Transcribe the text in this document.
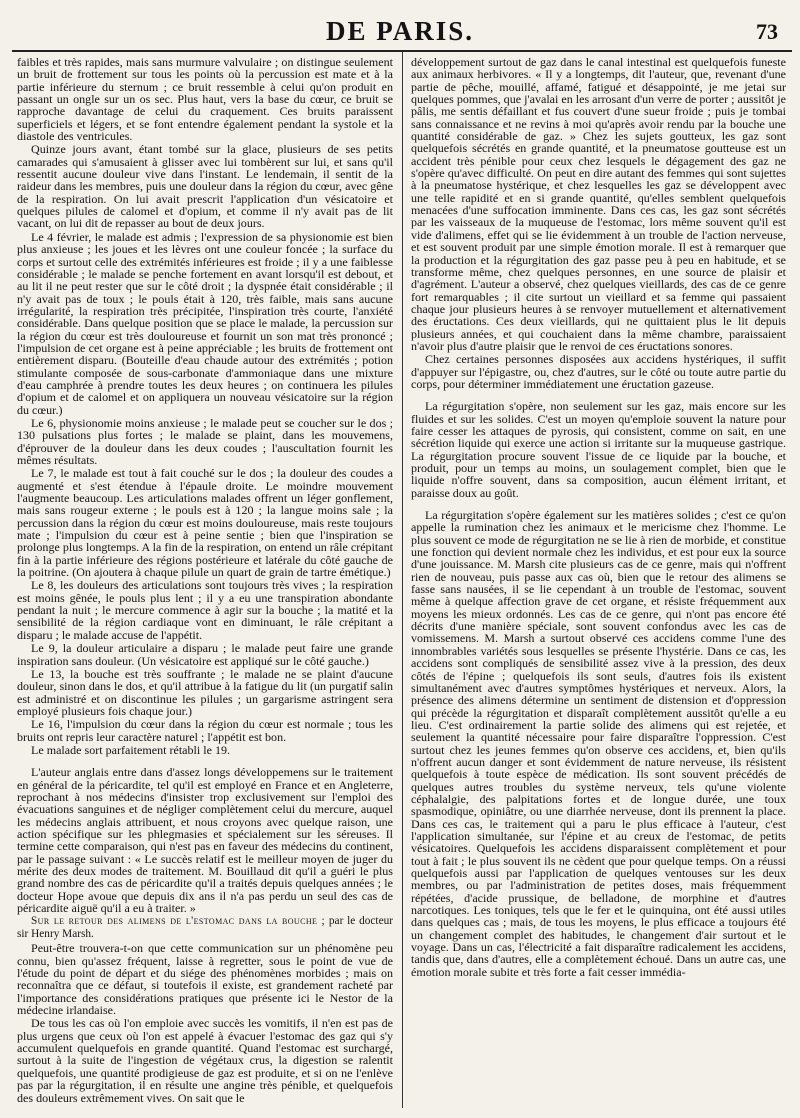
DE PARIS.	73

faibles et très rapides, mais sans murmure valvulaire ; on distingue seulement un bruit de frottement sur tous les points où la percussion est mate et à la partie inférieure du sternum ; ce bruit ressemble à celui qu'on produit en passant un ongle sur un os sec. Plus haut, vers la base du cœur, ce bruit se rapproche davantage de celui du craquement. Ces bruits paraissent superficiels et légers, et se font entendre également pendant la systole et la diastole des ventricules.

Quinze jours avant, étant tombé sur la glace, plusieurs de ses petits camarades qui s'amusaient à glisser avec lui tombèrent sur lui, et sans qu'il ressentit aucune douleur vive dans l'instant. Le lendemain, il sentit de la raideur dans les membres, puis une douleur dans la région du cœur, avec gêne de la respiration. On lui avait prescrit l'application d'un vésicatoire et quelques pilules de calomel et d'opium, et comme il n'y avait pas de lit vacant, on lui dit de repasser au bout de deux jours.

Le 4 février, le malade est admis ; l'expression de sa physionomie est bien plus anxieuse ; les joues et les lèvres ont une couleur foncée ; la surface du corps et surtout celle des extrémités inférieures est froide ; il y a une faiblesse considérable ; le malade se penche fortement en avant lorsqu'il est debout, et au lit il ne peut rester que sur le côté droit ; la dyspnée était considérable ; il n'y avait pas de toux ; le pouls était à 120, très faible, mais sans aucune irrégularité, la respiration très précipitée, l'inspiration très courte, l'anxiété considérable. Dans quelque position que se place le malade, la percussion sur la région du cœur est très douloureuse et fournit un son mat très prononcé ; l'impulsion de cet organe est à peine appréciable ; les bruits de frottement ont entièrement disparu. (Bouteille d'eau chaude autour des extrémités ; potion stimulante composée de sous-carbonate d'ammoniaque dans une mixture d'eau camphrée à prendre toutes les deux heures ; on continuera les pilules d'opium et de calomel et on appliquera un nouveau vésicatoire sur la région du cœur.)

Le 6, physionomie moins anxieuse ; le malade peut se coucher sur le dos ; 130 pulsations plus fortes ; le malade se plaint, dans les mouvemens, d'éprouver de la douleur dans les deux coudes ; l'auscultation fournit les mêmes résultats.

Le 7, le malade est tout à fait couché sur le dos ; la douleur des coudes a augmenté et s'est étendue à l'épaule droite. Le moindre mouvement l'augmente beaucoup. Les articulations malades offrent un léger gonflement, mais sans rougeur externe ; le pouls est à 120 ; la langue moins sale ; la percussion dans la région du cœur est moins douloureuse, mais reste toujours mate ; l'impulsion du cœur est à peine sentie ; bien que l'inspiration se prolonge plus longtemps. A la fin de la respiration, on entend un râle crépitant fin à la partie inférieure des régions postérieure et latérale du côté gauche de la poitrine. (On ajoutera à chaque pilule un quart de grain de tartre émétique.)

Le 8, les douleurs des articulations sont toujours très vives ; la respiration est moins gênée, le pouls plus lent ; il y a eu une transpiration abondante pendant la nuit ; le mercure commence à agir sur la bouche ; la matité et la sensibilité de la région cardiaque vont en diminuant, le râle crépitant a disparu ; le malade accuse de l'appétit.

Le 9, la douleur articulaire a disparu ; le malade peut faire une grande inspiration sans douleur. (Un vésicatoire est appliqué sur le côté gauche.)

Le 13, la bouche est très souffrante ; le malade ne se plaint d'aucune douleur, sinon dans le dos, et qu'il attribue à la fatigue du lit (un purgatif salin est administré et on discontinue les pilules ; un gargarisme astringent sera employé plusieurs fois chaque jour.)

Le 16, l'impulsion du cœur dans la région du cœur est normale ; tous les bruits ont repris leur caractère naturel ; l'appétit est bon.

Le malade sort parfaitement rétabli le 19.

L'auteur anglais entre dans d'assez longs développemens sur le traitement en général de la péricardite, tel qu'il est employé en France et en Angleterre, reprochant à nos médecins d'insister trop exclusivement sur l'emploi des évacuations sanguines et de négliger complètement celui du mercure, auquel les médecins anglais attribuent, et nous croyons avec quelque raison, une action spécifique sur les phlegmasies et spécialement sur les séreuses. Il termine cette comparaison, qui n'est pas en faveur des médecins du continent, par le passage suivant : « Le succès relatif est le meilleur moyen de juger du mérite des deux modes de traitement. M. Bouillaud dit qu'il a guéri le plus grand nombre des cas de péricardite qu'il a traités depuis quelques années ; le docteur Hope avoue que depuis dix ans il n'a pas perdu un seul des cas de péricardite aiguë qu'il a eu à traiter. »

Sur le retour des alimens de l'estomac dans la bouche ; par le docteur sir Henry Marsh.

Peut-être trouvera-t-on que cette communication sur un phénomène peu connu, bien qu'assez fréquent, laisse à regretter, sous le point de vue de l'étude du point de départ et du siége des phénomènes morbides ; mais on reconnaîtra que ce défaut, si toutefois il existe, est grandement racheté par l'importance des considérations pratiques que présente ici le Nestor de la médecine irlandaise.

De tous les cas où l'on emploie avec succès les vomitifs, il n'en est pas de plus urgens que ceux où l'on est appelé à évacuer l'estomac des gaz qui s'y accumulent quelquefois en grande quantité. Quand l'estomac est surchargé, surtout à la suite de l'ingestion de végétaux crus, la digestion se ralentit quelquefois, une quantité prodigieuse de gaz est produite, et si on ne l'enlève pas par la régurgitation, il en résulte une angine très pénible, et quelquefois des douleurs extrêmement vives. On sait que le

développement surtout de gaz dans le canal intestinal est quelquefois funeste aux animaux herbivores. « Il y a longtemps, dit l'auteur, que, revenant d'une partie de pêche, mouillé, affamé, fatigué et désappointé, je me jetai sur quelques pommes, que j'avalai en les arrosant d'un verre de porter ; aussitôt je pâlis, me sentis défaillant et fus couvert d'une sueur froide ; puis je tombai sans connaissance et ne revins à moi qu'après avoir rendu par la bouche une quantité considérable de gaz. » Chez les sujets goutteux, les gaz sont quelquefois sécrétés en grande quantité, et la pneumatose goutteuse est un accident très pénible pour ceux chez lesquels le dégagement des gaz ne s'opère qu'avec difficulté. On peut en dire autant des femmes qui sont sujettes à la pneumatose hystérique, et chez lesquelles les gaz se développent avec une telle rapidité et en si grande quantité, qu'elles semblent quelquefois menacées d'une suffocation imminente. Dans ces cas, les gaz sont sécrétés par les vaisseaux de la muqueuse de l'estomac, lors même souvent qu'il est vide d'alimens, effet qui se lie évidemment à un trouble de l'action nerveuse, et est souvent produit par une simple émotion morale. Il est à remarquer que la production et la régurgitation des gaz passe peu à peu en habitude, et se transforme même, chez quelques personnes, en une source de plaisir et d'agrément. L'auteur a observé, chez quelques vieillards, des cas de ce genre fort remarquables ; il cite surtout un vieillard et sa femme qui passaient chaque jour plusieurs heures à se renvoyer mutuellement et alternativement des éructations. Ces deux vieillards, qui ne quittaient plus le lit depuis plusieurs années, et qui couchaient dans la même chambre, paraissaient n'avoir plus d'autre plaisir que le renvoi de ces éructations sonores.

Chez certaines personnes disposées aux accidens hystériques, il suffit d'appuyer sur l'épigastre, ou, chez d'autres, sur le côté ou toute autre partie du corps, pour déterminer immédiatement une éructation gazeuse.

La régurgitation s'opère, non seulement sur les gaz, mais encore sur les fluides et sur les solides. C'est un moyen qu'emploie souvent la nature pour faire cesser les attaques de pyrosis, qui consistent, comme on sait, en une sécrétion liquide qui exerce une action si irritante sur la muqueuse gastrique. La régurgitation procure souvent l'issue de ce liquide par la bouche, et produit, pour un temps au moins, un soulagement complet, bien que le liquide n'offre souvent, dans sa composition, aucun élément irritant, et paraisse doux au goût.

La régurgitation s'opère également sur les matières solides ; c'est ce qu'on appelle la rumination chez les animaux et le mericisme chez l'homme. Le plus souvent ce mode de régurgitation ne se lie à rien de morbide, et constitue une fonction qui devient normale chez les individus, et est pour eux la source d'une jouissance. M. Marsh cite plusieurs cas de ce genre, mais qui n'offrent rien de nouveau, puis passe aux cas où, bien que le retour des alimens se fasse sans nausées, il se lie cependant à un trouble de l'estomac, souvent même à quelque affection grave de cet organe, et résiste fréquemment aux moyens les mieux ordonnés. Les cas de ce genre, qui n'ont pas encore été décrits d'une manière spéciale, sont souvent confondus avec les cas de vomissemens. M. Marsh a surtout observé ces accidens comme l'une des innombrables variétés sous lesquelles se présente l'hystérie. Dans ce cas, les accidens sont compliqués de sensibilité assez vive à la pression, des deux côtés de l'épine ; quelquefois ils sont seuls, d'autres fois ils existent simultanément avec d'autres symptômes hystériques et nerveux. Alors, la présence des alimens détermine un sentiment de distension et d'oppression qui précède la régurgitation et disparaît complètement aussitôt qu'elle a eu lieu. C'est ordinairement la partie solide des alimens qui est rejetée, et seulement la quantité nécessaire pour faire disparaître l'oppression. C'est surtout chez les jeunes femmes qu'on observe ces accidens, et, bien qu'ils n'offrent aucun danger et sont évidemment de nature nerveuse, ils résistent quelquefois à toute espèce de médication. Ils sont souvent précédés de quelques autres troubles du système nerveux, tels qu'une violente céphalalgie, des palpitations fortes et de longue durée, une toux spasmodique, opiniâtre, ou une diarrhée nerveuse, dont ils prennent la place. Dans ces cas, le traitement qui a paru le plus efficace à l'auteur, c'est l'application simultanée, sur l'épine et au creux de l'estomac, de petits vésicatoires. Quelquefois les accidens disparaissent complètement et pour tout à fait ; le plus souvent ils ne cèdent que pour quelque temps. On a réussi quelquefois aussi par l'application de quelques ventouses sur les deux membres, ou par l'administration de petites doses, mais fréquemment répétées, d'acide prussique, de belladone, de morphine et d'autres narcotiques. Les toniques, tels que le fer et le quinquina, ont été aussi utiles dans quelques cas ; mais, de tous les moyens, le plus efficace a toujours été un changement complet des habitudes, le changement d'air surtout et le voyage. Dans un cas, l'électricité a fait disparaître radicalement les accidens, tandis que, dans d'autres, elle a complètement échoué. Dans un autre cas, une émotion morale subite et très forte a fait cesser immédia-
